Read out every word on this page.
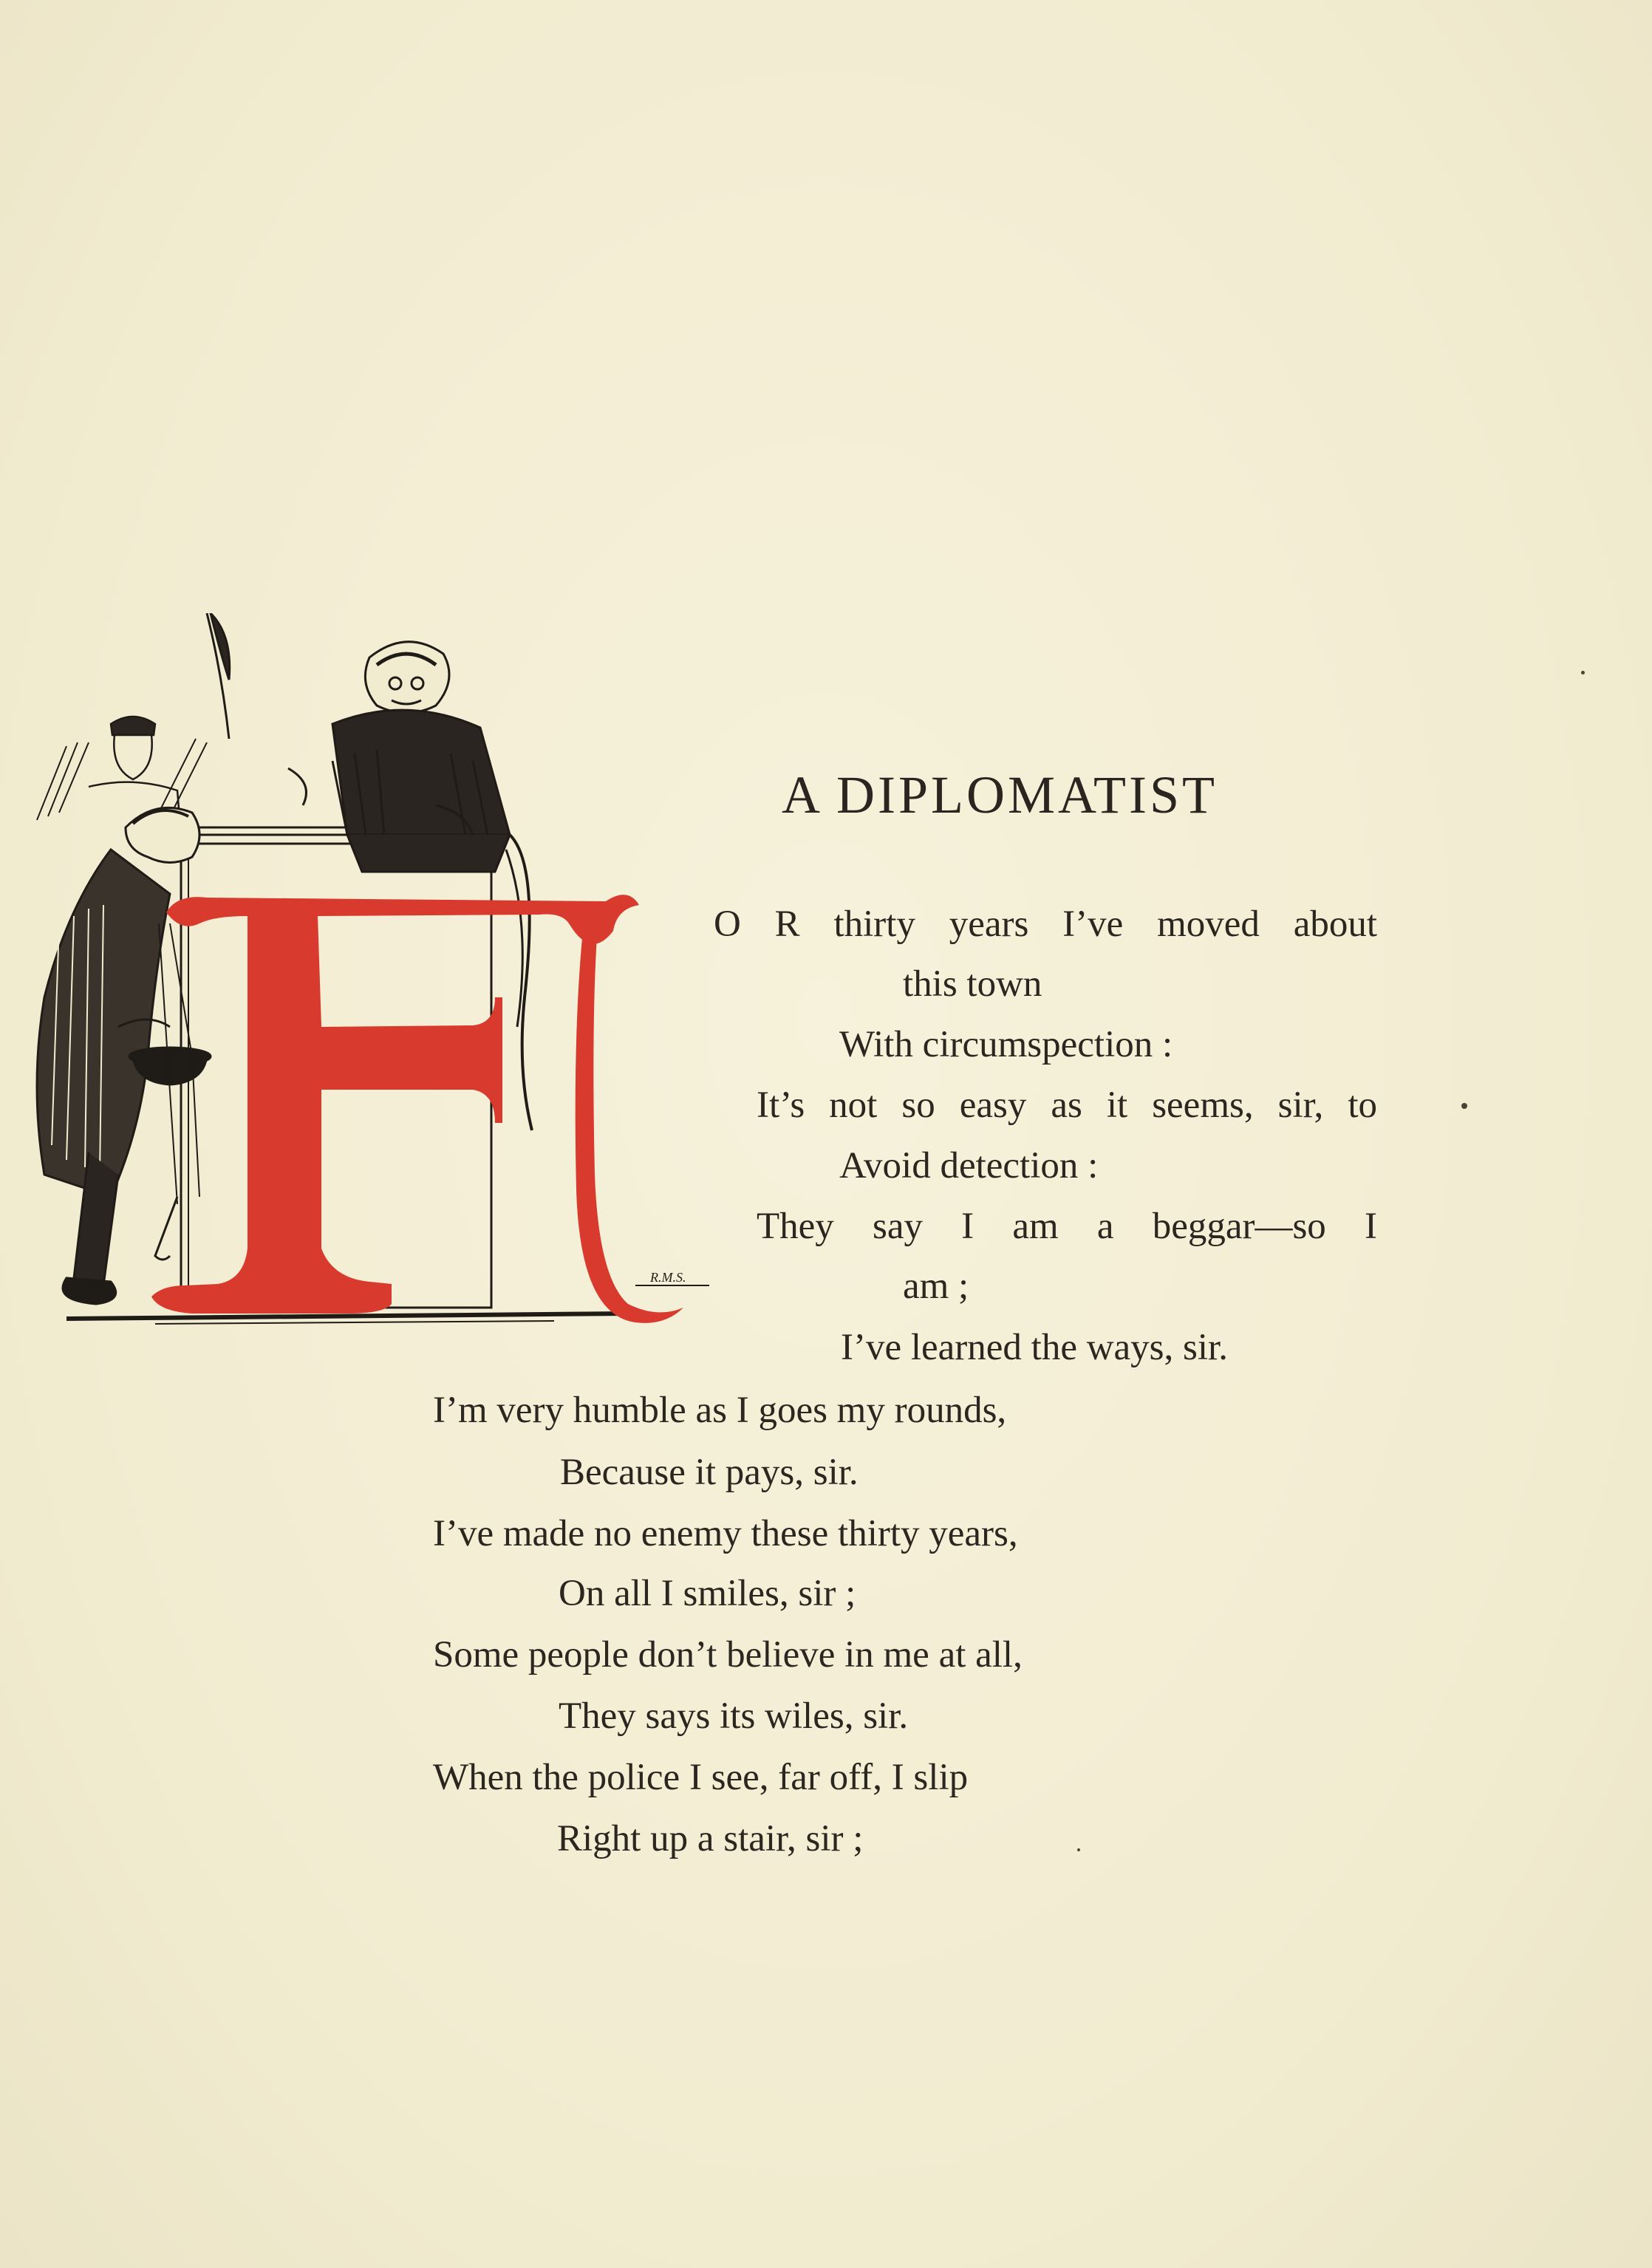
R.M.S.
A DIPLOMATIST
O R thirty years I’ve moved about
this town
With circumspection :
It’s not so easy as it seems, sir, to
Avoid detection :
They say I am a beggar—so I
am ;
I’ve learned the ways, sir.
I’m very humble as I goes my rounds,
Because it pays, sir.
I’ve made no enemy these thirty years,
On all I smiles, sir ;
Some people don’t believe in me at all,
They says its wiles, sir.
When the police I see, far off, I slip
Right up a stair, sir ;
